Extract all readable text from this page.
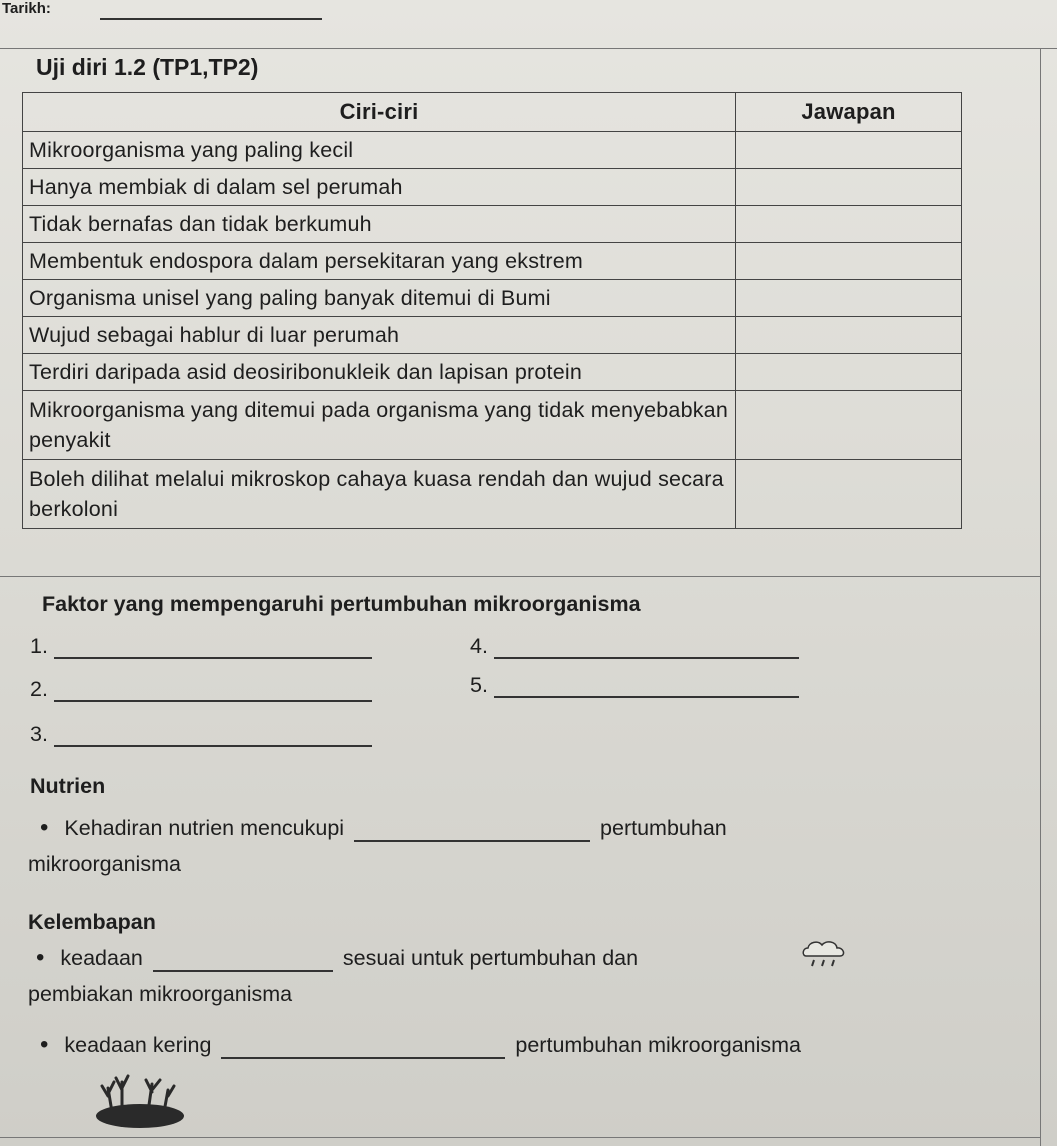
Tarikh:
Uji diri 1.2 (TP1,TP2)
Ciri-ciri	Jawapan
Mikroorganisma yang paling kecil	
Hanya membiak di dalam sel perumah	
Tidak bernafas dan tidak berkumuh	
Membentuk endospora dalam persekitaran yang ekstrem	
Organisma unisel yang paling banyak ditemui di Bumi	
Wujud sebagai hablur di luar perumah	
Terdiri daripada asid deosiribonukleik dan lapisan protein	
Mikroorganisma yang ditemui pada organisma yang tidak menyebabkan penyakit	
Boleh dilihat melalui mikroskop cahaya kuasa rendah dan wujud secara berkoloni	
Faktor yang mempengaruhi pertumbuhan mikroorganisma
1.
2.
3.
4.
5.
Nutrien
• Kehadiran nutrien mencukupi	pertumbuhan
mikroorganisma
Kelembapan
• keadaan	sesuai untuk pertumbuhan dan
pembiakan mikroorganisma
• keadaan kering	pertumbuhan mikroorganisma
